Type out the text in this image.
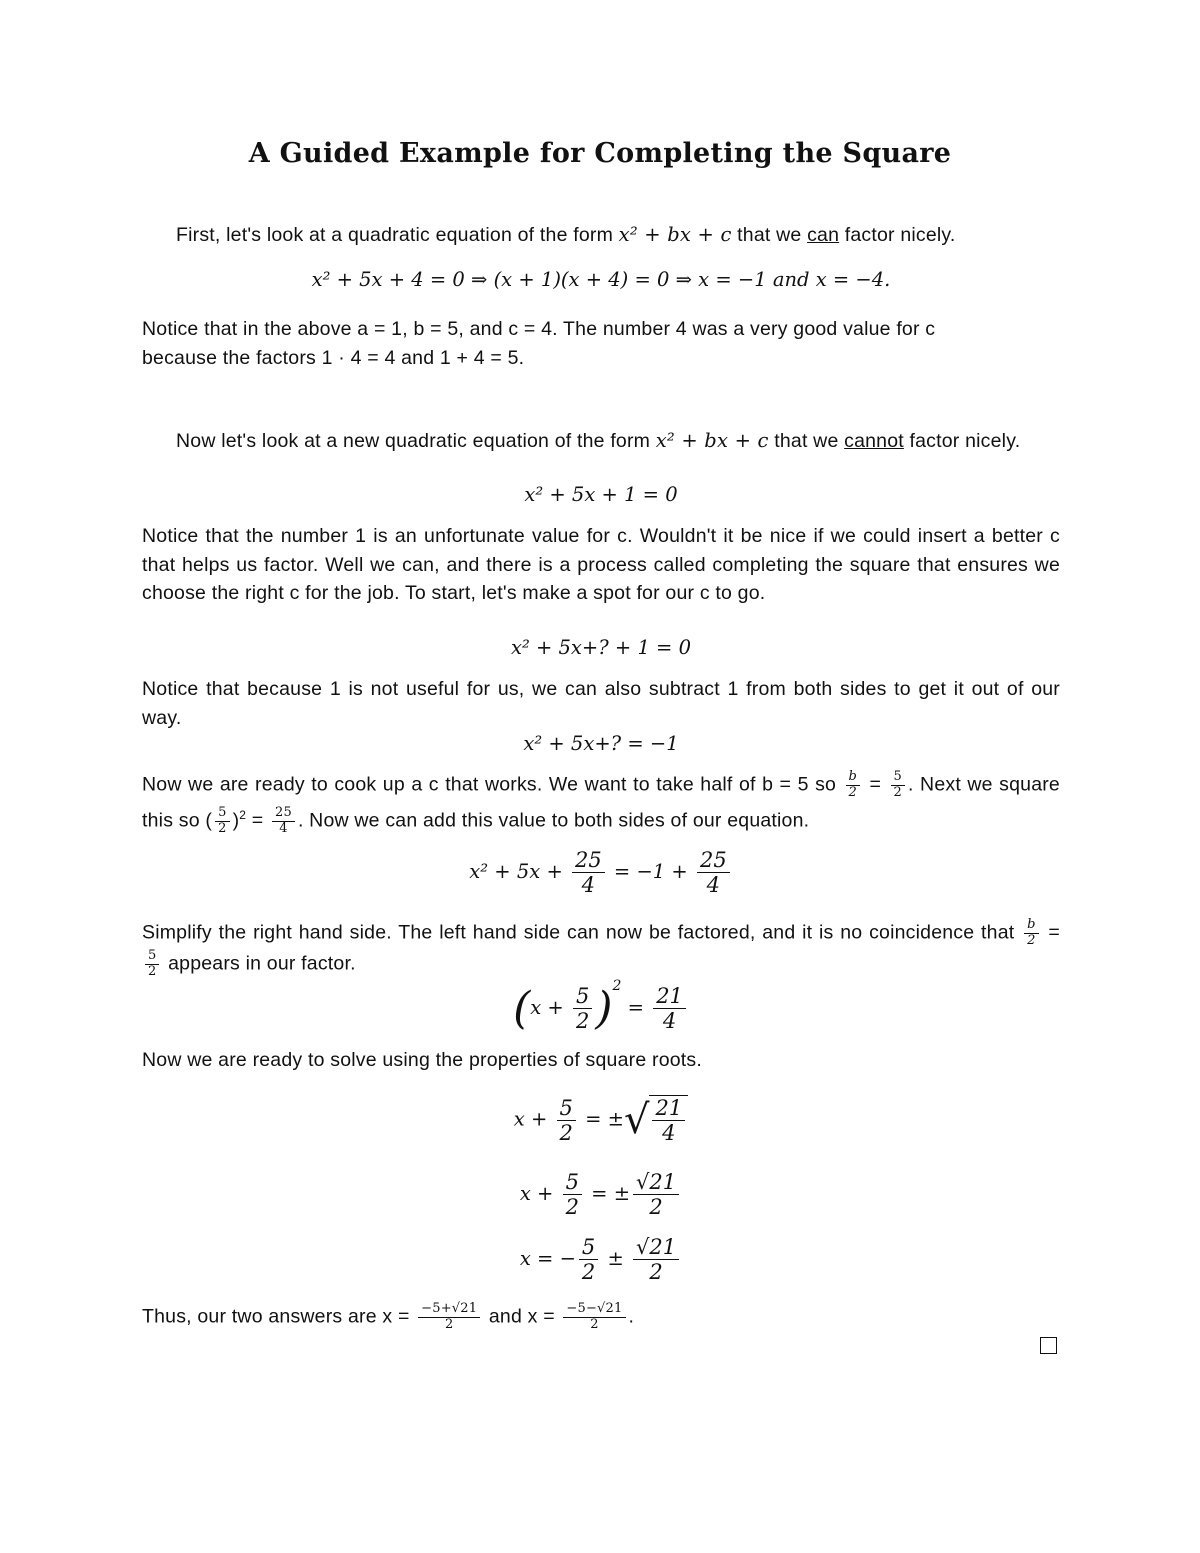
A Guided Example for Completing the Square
First, let's look at a quadratic equation of the form x² + bx + c that we can factor nicely.
x² + 5x + 4 = 0 ⇒ (x + 1)(x + 4) = 0 ⇒ x = −1 and x = −4.
Notice that in the above a = 1, b = 5, and c = 4. The number 4 was a very good value for c
because the factors 1 · 4 = 4 and 1 + 4 = 5.
Now let's look at a new quadratic equation of the form x² + bx + c that we cannot factor nicely.
x² + 5x + 1 = 0
Notice that the number 1 is an unfortunate value for c. Wouldn't it be nice if we could insert a better c that helps us factor. Well we can, and there is a process called completing the square that ensures we choose the right c for the job. To start, let's make a spot for our c to go.
x² + 5x+? + 1 = 0
Notice that because 1 is not useful for us, we can also subtract 1 from both sides to get it out of our way.
x² + 5x+? = −1
Now we are ready to cook up a c that works. We want to take half of b = 5 so $\frac{b}{2} = \frac{5}{2}$ . Next we square this so ( $\frac{5}{2} )^2 = \frac{25}{4}$ . Now we can add this value to both sides of our equation.
$x^2 + 5x + \frac{25}{4} = -1 + \frac{25}{4}$
Simplify the right hand side. The left hand side can now be factored, and it is no coincidence that $\frac{b}{2}$ =
$\frac{5}{2}$ appears in our factor.
$(x + \frac{5}{2} )^2 = \frac{21}{4}$
Now we are ready to solve using the properties of square roots.
$x + \frac{5}{2}$ = ±√ $\frac{21}{4}$
$x + \frac{5}{2}$ = ± $\frac{√21}{2}$
x = − $\frac{5}{2} \pm \frac{√21}{2}$
Thus, our two answers are $x = \frac{-5+√21}{2}$ and $x = \frac{-5-√21}{2}$ .
